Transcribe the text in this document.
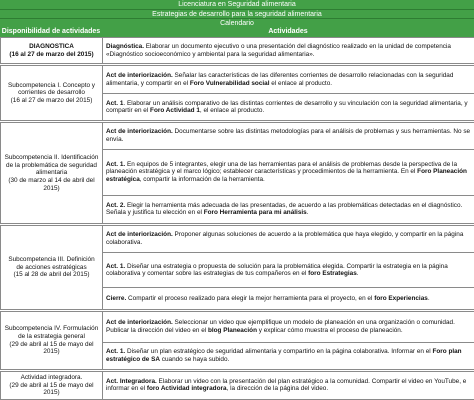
Licenciatura en Seguridad alimentaria
Estrategias de desarrollo para la seguridad alimentaria
Calendario
Disponibilidad de actividades	Actividades
DIAGNOSTICA
(16 al 27 de marzo del 2015)	Diagnóstica. Elaborar un documento ejecutivo o una presentación del diagnóstico realizado en la unidad de competencia «Diagnóstico socioeconómico y ambiental para la seguridad alimentaria».

Subcompetencia I. Concepto y corrientes de desarrollo
(16 al 27 de marzo del 2015)	Act de interiorización. Señalar las características de las diferentes corrientes de desarrollo relacionadas con la seguridad alimentaria, y compartir en el Foro Vulnerabilidad social el enlace al producto.
	Act. 1. Elaborar un análisis comparativo de las distintas corrientes de desarrollo y su vinculación con la seguridad alimentaria, y compartir en el Foro Actividad 1, el enlace al producto.

Subcompetencia II. Identificación de la problemática de seguridad alimentaria
(30 de marzo al 14 de abril del 2015)	Act de interiorización. Documentarse sobre las distintas metodologías para el análisis de problemas y sus herramientas. No se envía.
	Act. 1. En equipos de 5 integrantes, elegir una de las herramientas para el análisis de problemas desde la perspectiva de la planeación estratégica y el marco lógico; establecer características y procedimientos de la herramienta. En el Foro Planeación estratégica, compartir la información de la herramienta.
	Act. 2. Elegir la herramienta más adecuada de las presentadas, de acuerdo a las problemáticas detectadas en el diagnóstico. Señala y justifica tu elección en el Foro Herramienta para mi análisis.

Subcompetencia III. Definición de acciones estratégicas
(15 al 28 de abril del 2015)	Act de interiorización. Proponer algunas soluciones de acuerdo a la problemática que haya elegido, y compartir en la página colaborativa.
	Act. 1. Diseñar una estrategia o propuesta de solución para la problemática elegida. Compartir la estrategia en la página colaborativa y comentar sobre las estrategias de tus compañeros en el foro Estrategias.
	Cierre. Compartir el proceso realizado para elegir la mejor herramienta para el proyecto, en el foro Experiencias.

Subcompetencia IV. Formulación de la estrategia general
(29 de abril al 15 de mayo del 2015)	Act de interiorización. Seleccionar un video que ejemplifique un modelo de planeación en una organización o comunidad. Publicar la dirección del video en el blog Planeación y explicar cómo muestra el proceso de planeación.
	Act. 1. Diseñar un plan estratégico de seguridad alimentaria y compartirlo en la página colaborativa. Informar en el Foro plan estratégico de SA cuando se haya subido.

Actividad integradora.
(29 de abril al 15 de mayo del 2015)	Act. Integradora. Elaborar un video con la presentación del plan estratégico a la comunidad. Compartir el video en YouTube, e informar en el foro Actividad integradora, la dirección de la página del video.
